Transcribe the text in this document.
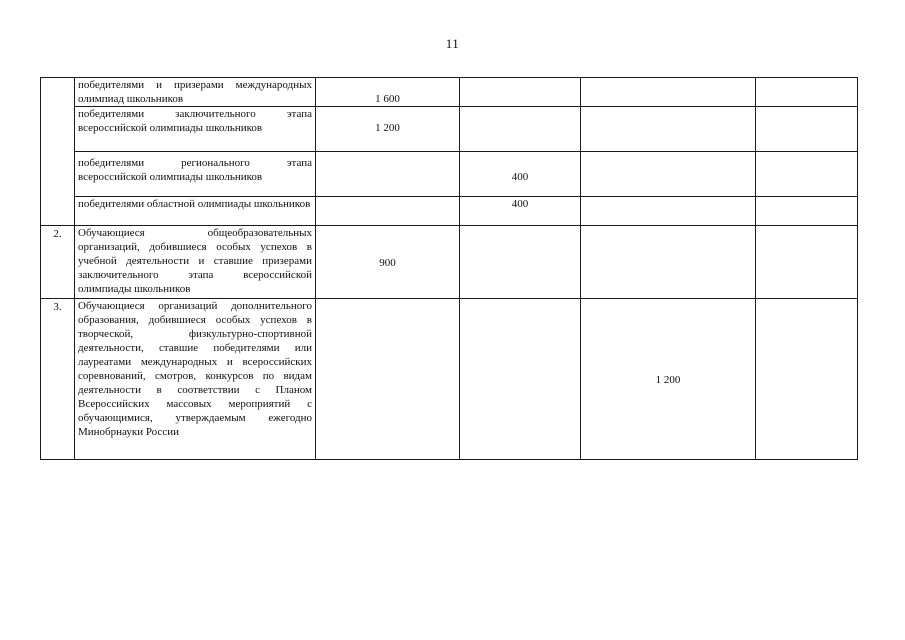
11

	победителями и призерами международных олимпиад школьников	1 600			

	победителями заключительного этапа всероссийской олимпиады школьников	1 200			

	победителями регионального этапа всероссийской олимпиады школьников		400		

	победителями областной олимпиады школьников		400		

2.	Обучающиеся общеобразовательных организаций, добившиеся особых успехов в учебной деятельности и ставшие призерами заключительного этапа всероссийской олимпиады школьников	900			

3.	Обучающиеся организаций дополнительного образования, добившиеся особых успехов в творческой, физкультурно-спортивной деятельности, ставшие победителями или лауреатами международных и всероссийских соревнований, смотров, конкурсов по видам деятельности в соответствии с Планом Всероссийских массовых мероприятий с обучающимися, утверждаемым ежегодно Минобрнауки России			1 200	
